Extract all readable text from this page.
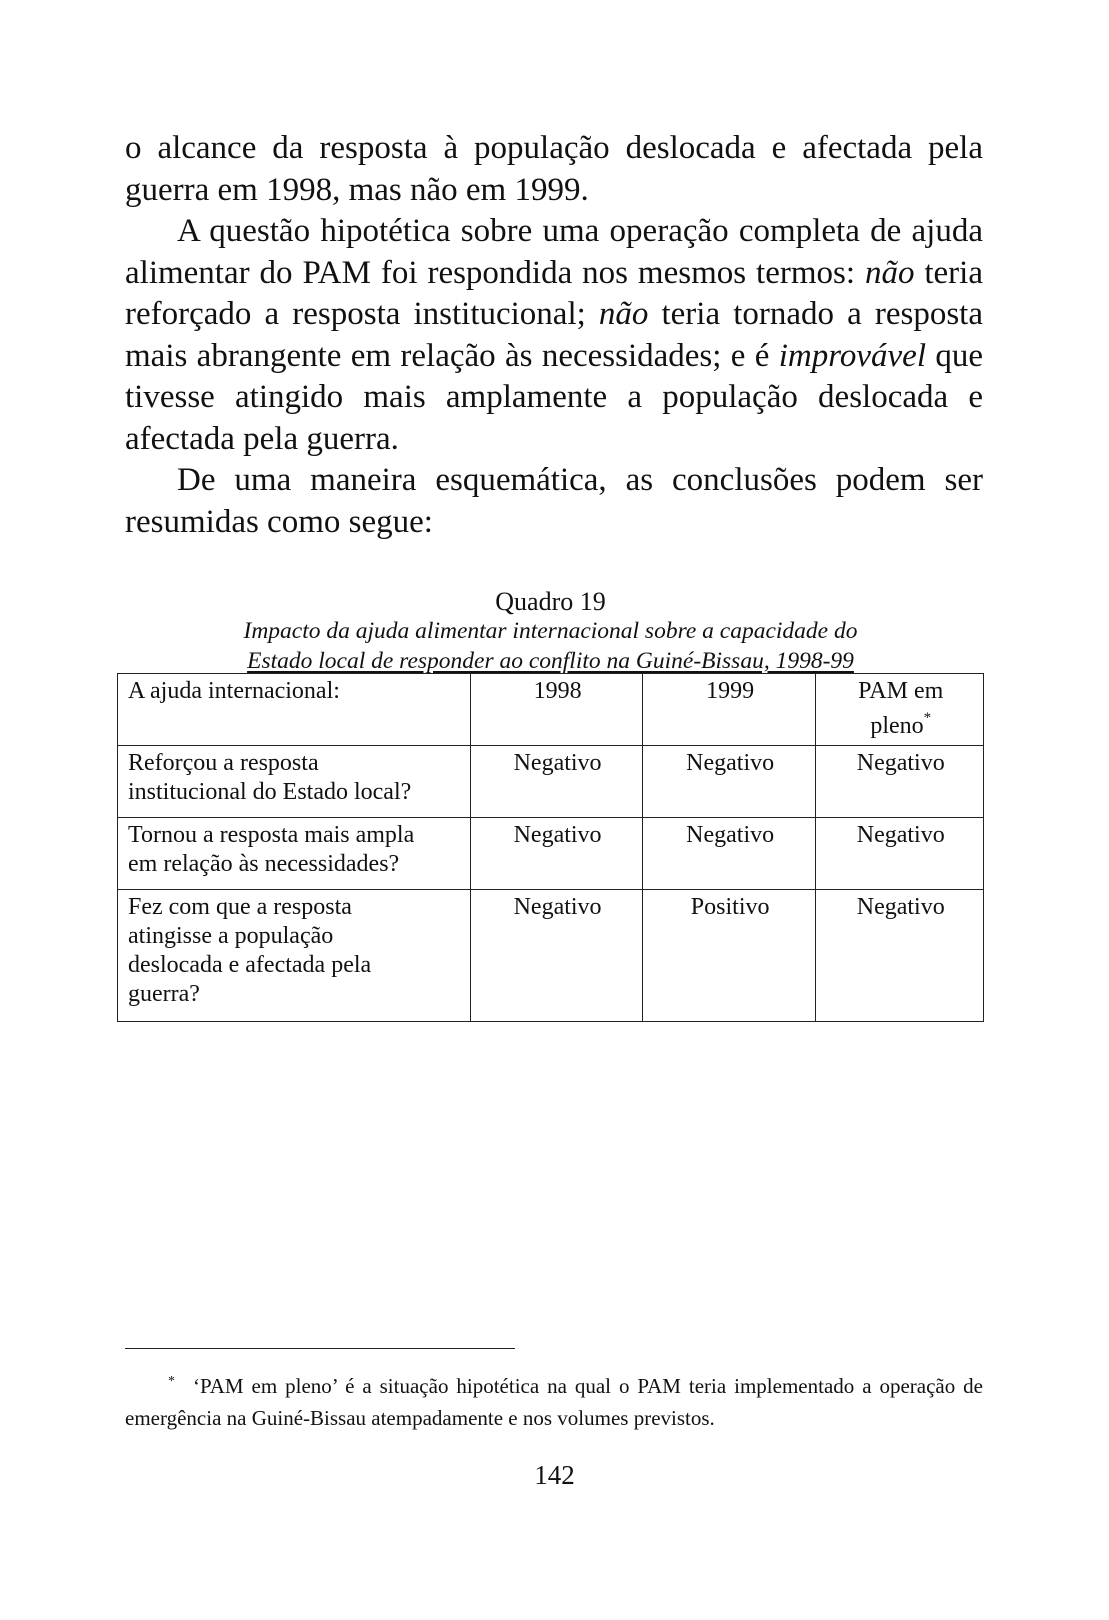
o alcance da resposta à população deslocada e afectada pela guerra em 1998, mas não em 1999.

A questão hipotética sobre uma operação completa de ajuda alimentar do PAM foi respondida nos mesmos termos: não teria reforçado a resposta institucional; não teria tornado a resposta mais abrangente em relação às necessidades; e é improvável que tivesse atingido mais amplamente a população deslocada e afectada pela guerra.

De uma maneira esquemática, as conclusões podem ser resumidas como segue:

Quadro 19
Impacto da ajuda alimentar internacional sobre a capacidade do
Estado local de responder ao conflito na Guiné-Bissau, 1998-99
A ajuda internacional:	1998	1999	PAM em
pleno*
Reforçou a resposta
institucional do Estado local?	Negativo	Negativo	Negativo
Tornou a resposta mais ampla
em relação às necessidades?	Negativo	Negativo	Negativo
Fez com que a resposta
atingisse a população
deslocada e afectada pela
guerra?	Negativo	Positivo	Negativo
* ‘PAM em pleno’ é a situação hipotética na qual o PAM teria implementado a operação de emergência na Guiné-Bissau atempadamente e nos volumes previstos.
142
